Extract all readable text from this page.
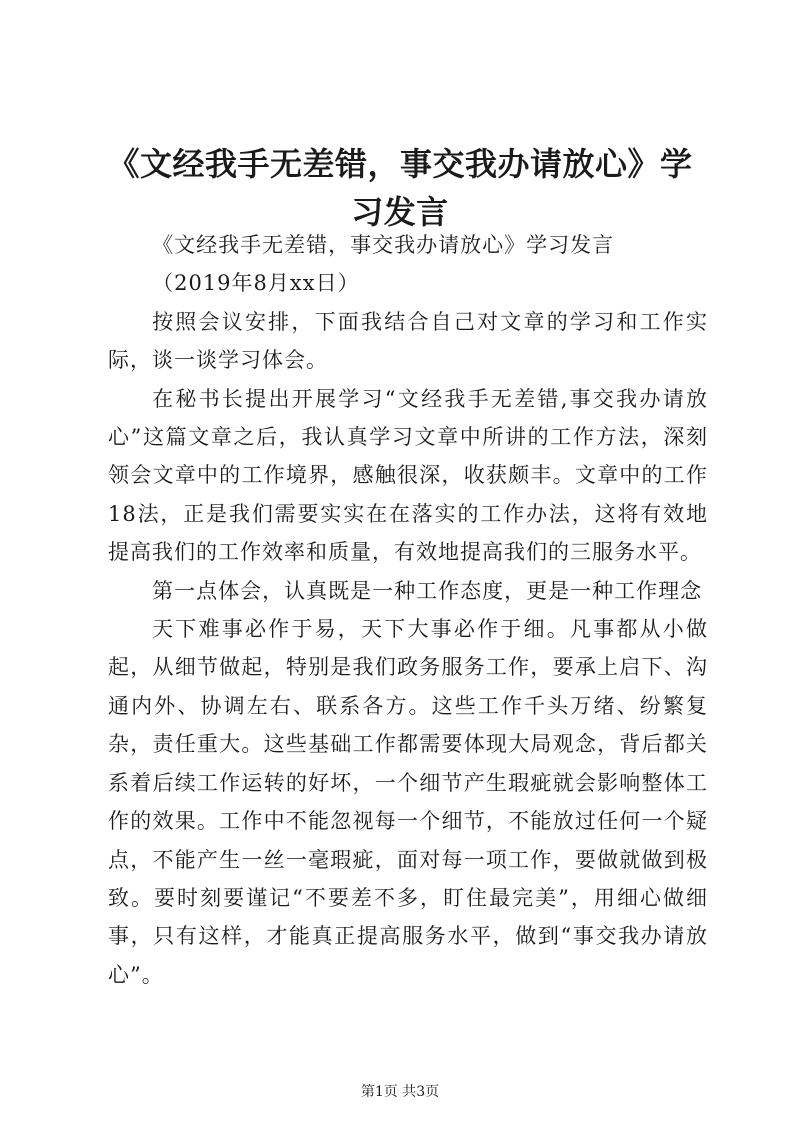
《文经我手无差错，事交我办请放心》学习发言

《文经我手无差错，事交我办请放心》学习发言

（2019年8月xx日）

按照会议安排，下面我结合自己对文章的学习和工作实际，谈一谈学习体会。

在秘书长提出开展学习“文经我手无差错,事交我办请放心”这篇文章之后，我认真学习文章中所讲的工作方法，深刻领会文章中的工作境界，感触很深，收获颇丰。文章中的工作18法，正是我们需要实实在在落实的工作办法，这将有效地提高我们的工作效率和质量，有效地提高我们的三服务水平。

第一点体会，认真既是一种工作态度，更是一种工作理念

天下难事必作于易，天下大事必作于细。凡事都从小做起，从细节做起，特别是我们政务服务工作，要承上启下、沟通内外、协调左右、联系各方。这些工作千头万绪、纷繁复杂，责任重大。这些基础工作都需要体现大局观念，背后都关系着后续工作运转的好坏，一个细节产生瑕疵就会影响整体工作的效果。工作中不能忽视每一个细节，不能放过任何一个疑点，不能产生一丝一毫瑕疵，面对每一项工作，要做就做到极致。要时刻要谨记“不要差不多，盯住最完美”，用细心做细事，只有这样，才能真正提高服务水平，做到“事交我办请放心”。

第1页 共3页
